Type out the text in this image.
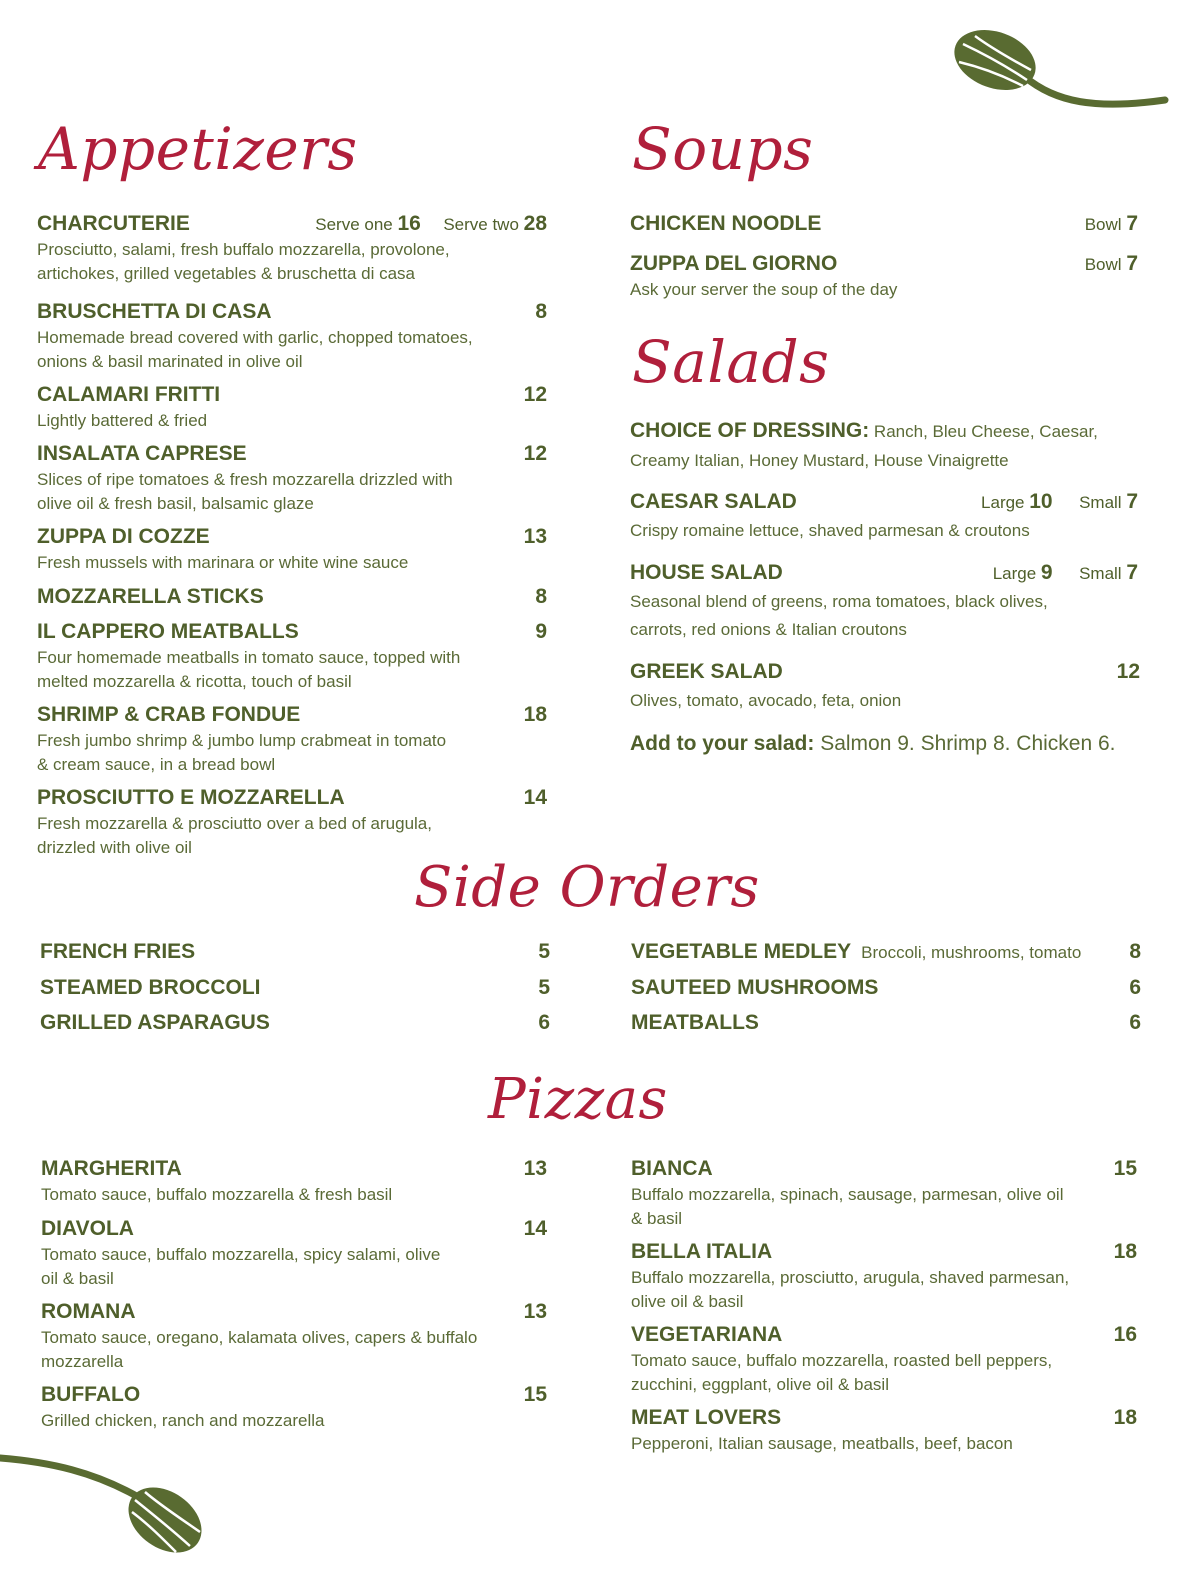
Appetizers
CHARCUTERIE	Serve one 16 Serve two 28

Prosciutto, salami, fresh buffalo mozzarella, provolone,

artichokes, grilled vegetables & bruschetta di casa

BRUSCHETTA DI CASA	8

Homemade bread covered with garlic, chopped tomatoes,

onions & basil marinated in olive oil

CALAMARI FRITTI	12

Lightly battered & fried

INSALATA CAPRESE	12

Slices of ripe tomatoes & fresh mozzarella drizzled with

olive oil & fresh basil, balsamic glaze

ZUPPA DI COZZE	13

Fresh mussels with marinara or white wine sauce

MOZZARELLA STICKS	8
IL CAPPERO MEATBALLS	9

Four homemade meatballs in tomato sauce, topped with

melted mozzarella & ricotta, touch of basil

SHRIMP & CRAB FONDUE	18

Fresh jumbo shrimp & jumbo lump crabmeat in tomato

& cream sauce, in a bread bowl

PROSCIUTTO E MOZZARELLA	14

Fresh mozzarella & prosciutto over a bed of arugula,

drizzled with olive oil

Soups
CHICKEN NOODLE	Bowl 7
ZUPPA DEL GIORNO	Bowl 7

Ask your server the soup of the day

Salads
CHOICE OF DRESSING: Ranch, Bleu Cheese, Caesar,
Creamy Italian, Honey Mustard, House Vinaigrette
CAESAR SALAD	Large 10 Small 7

Crispy romaine lettuce, shaved parmesan & croutons

HOUSE SALAD	Large 9 Small 7

Seasonal blend of greens, roma tomatoes, black olives,

carrots, red onions & Italian croutons

GREEK SALAD	12

Olives, tomato, avocado, feta, onion

Add to your salad: Salmon 9. Shrimp 8. Chicken 6.
Side Orders
FRENCH FRIES	5
STEAMED BROCCOLI	5
GRILLED ASPARAGUS	6
VEGETABLE MEDLEY Broccoli, mushrooms, tomato 8
SAUTEED MUSHROOMS	6
MEATBALLS	6
Pizzas
MARGHERITA	13

Tomato sauce, buffalo mozzarella & fresh basil

DIAVOLA	14

Tomato sauce, buffalo mozzarella, spicy salami, olive

oil & basil

ROMANA	13

Tomato sauce, oregano, kalamata olives, capers & buffalo

mozzarella

BUFFALO	15

Grilled chicken, ranch and mozzarella

BIANCA	15

Buffalo mozzarella, spinach, sausage, parmesan, olive oil

& basil

BELLA ITALIA	18

Buffalo mozzarella, prosciutto, arugula, shaved parmesan,

olive oil & basil

VEGETARIANA	16

Tomato sauce, buffalo mozzarella, roasted bell peppers,

zucchini, eggplant, olive oil & basil

MEAT LOVERS	18

Pepperoni, Italian sausage, meatballs, beef, bacon
